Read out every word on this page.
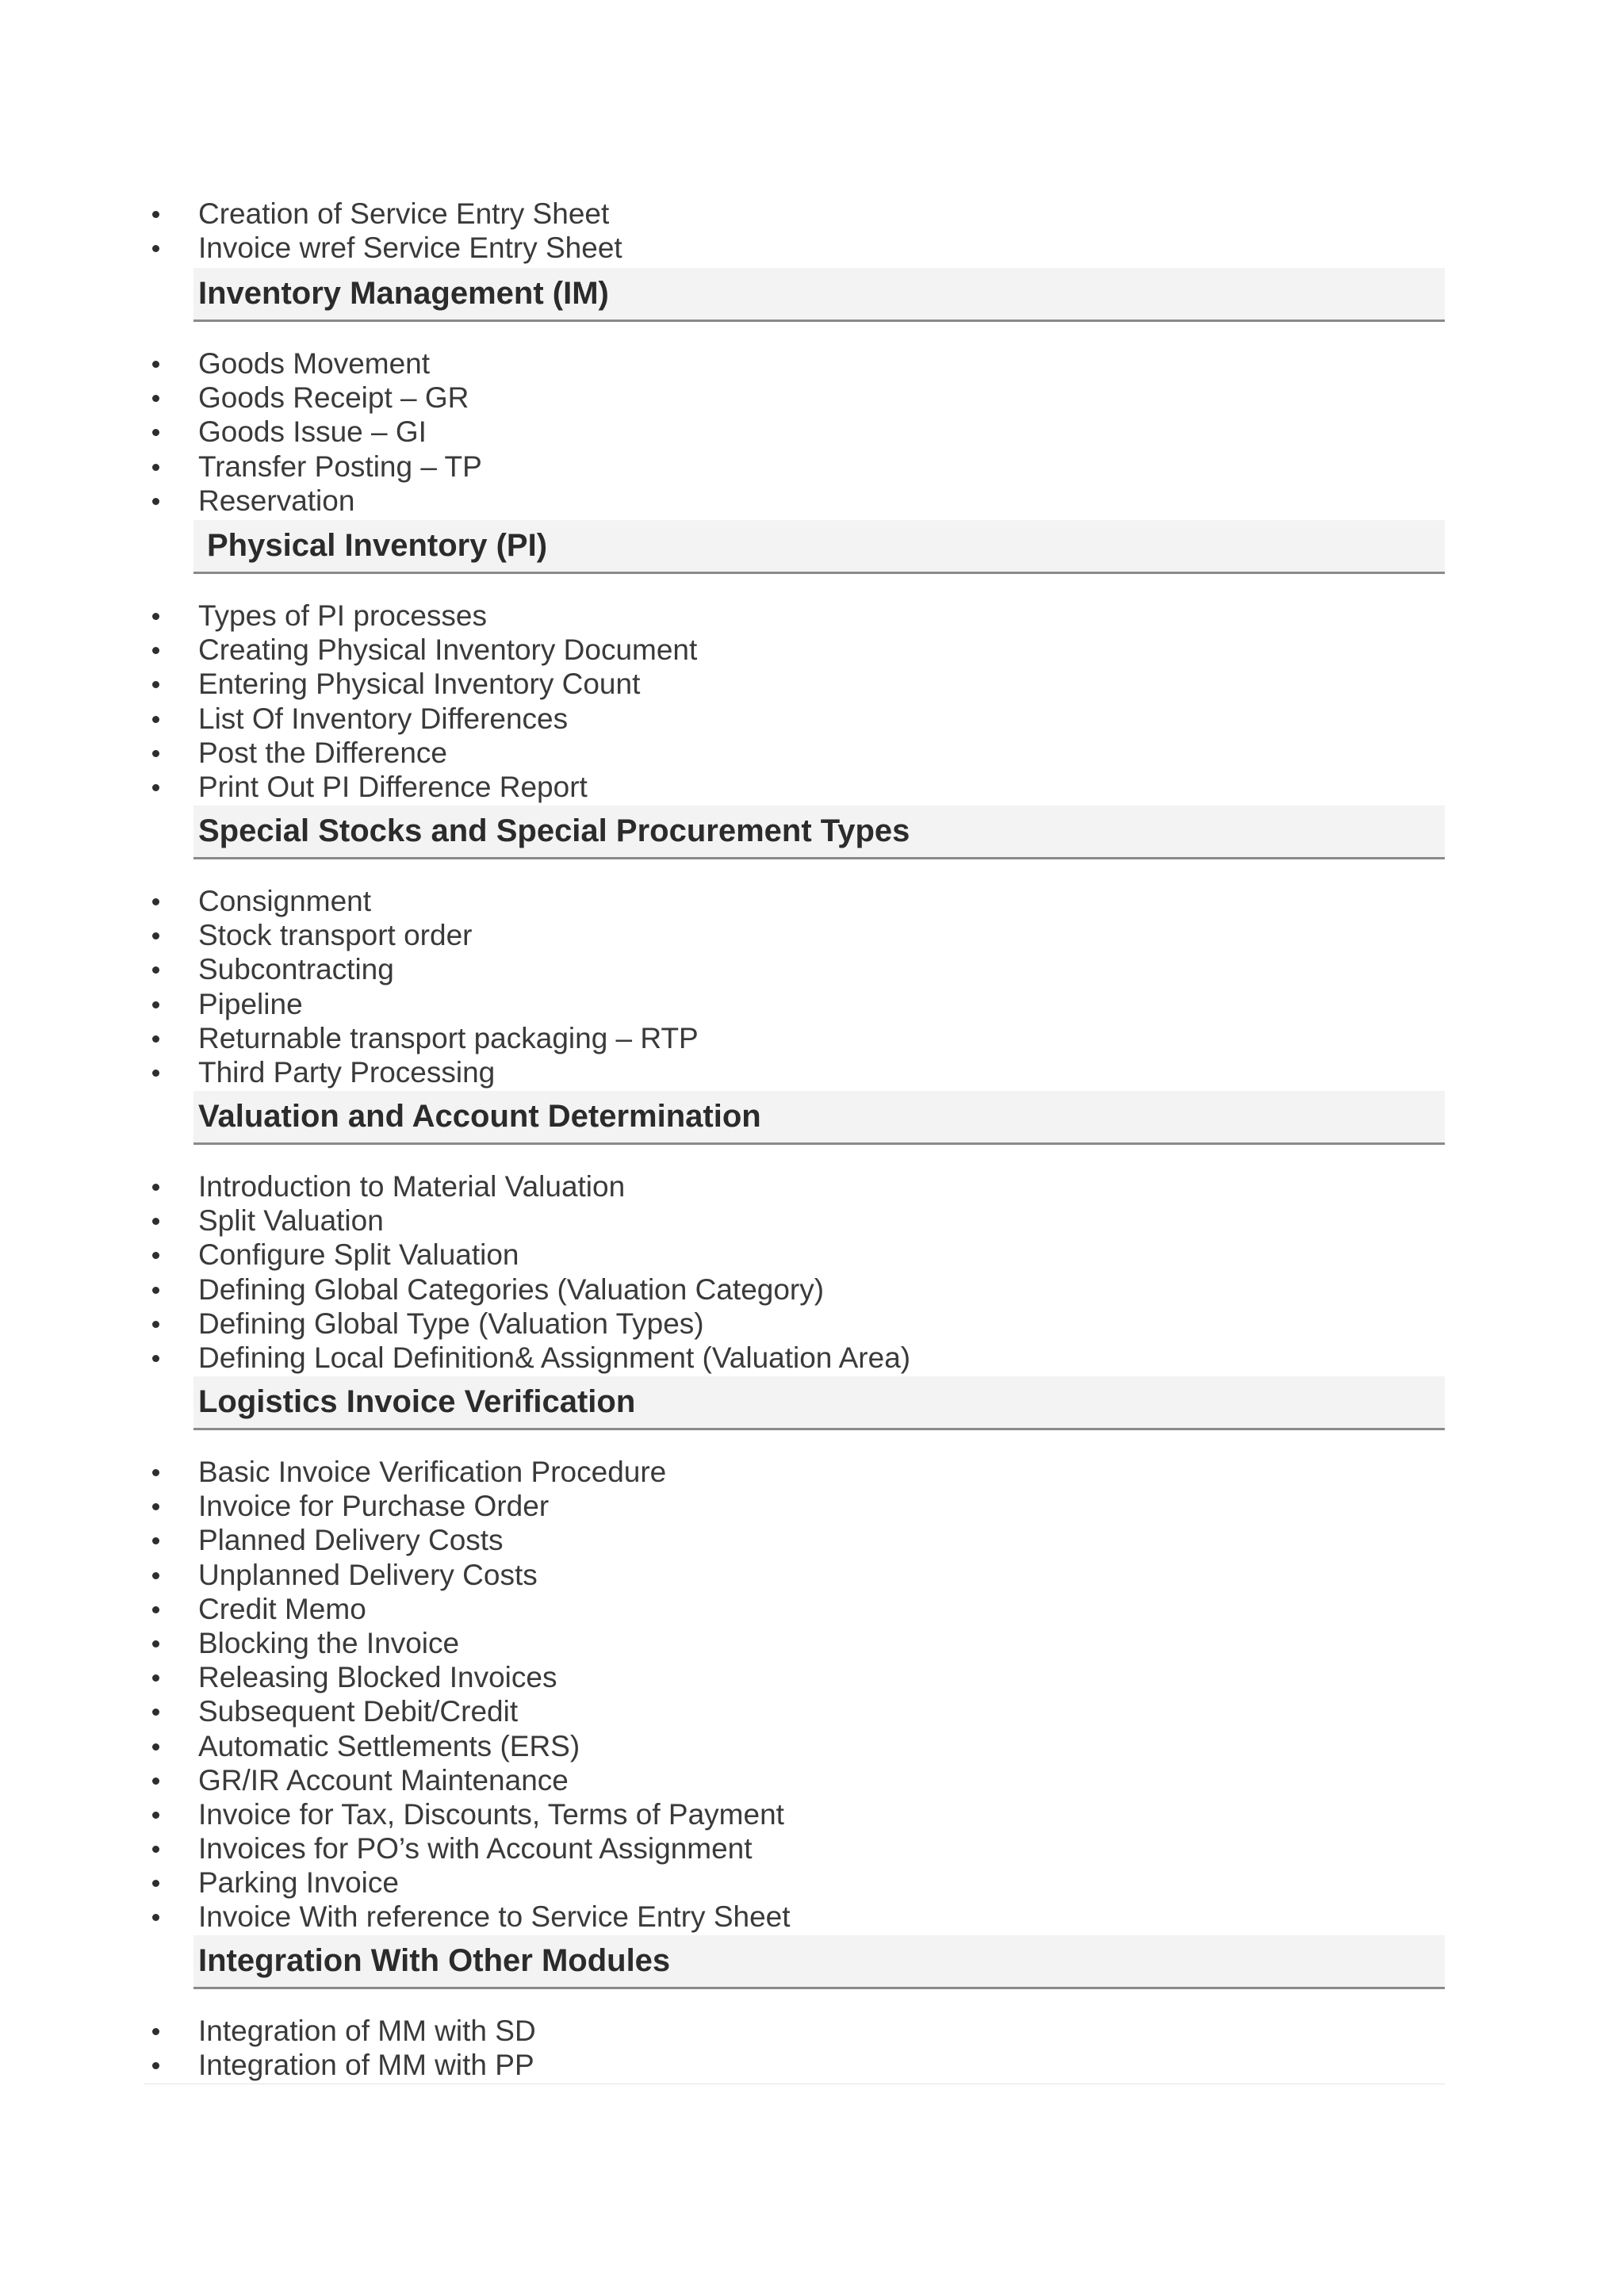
Creation of Service Entry Sheet
Invoice wref Service Entry Sheet
Inventory Management (IM)
Goods Movement
Goods Receipt – GR
Goods Issue – GI
Transfer Posting – TP
Reservation
Physical Inventory (PI)
Types of PI processes
Creating Physical Inventory Document
Entering Physical Inventory Count
List Of Inventory Differences
Post the Difference
Print Out PI Difference Report
Special Stocks and Special Procurement Types
Consignment
Stock transport order
Subcontracting
Pipeline
Returnable transport packaging – RTP
Third Party Processing
Valuation and Account Determination
Introduction to Material Valuation
Split Valuation
Configure Split Valuation
Defining Global Categories (Valuation Category)
Defining Global Type (Valuation Types)
Defining Local Definition& Assignment (Valuation Area)
Logistics Invoice Verification
Basic Invoice Verification Procedure
Invoice for Purchase Order
Planned Delivery Costs
Unplanned Delivery Costs
Credit Memo
Blocking the Invoice
Releasing Blocked Invoices
Subsequent Debit/Credit
Automatic Settlements (ERS)
GR/IR Account Maintenance
Invoice for Tax, Discounts, Terms of Payment
Invoices for PO’s with Account Assignment
Parking Invoice
Invoice With reference to Service Entry Sheet
Integration With Other Modules
Integration of MM with SD
Integration of MM with PP
